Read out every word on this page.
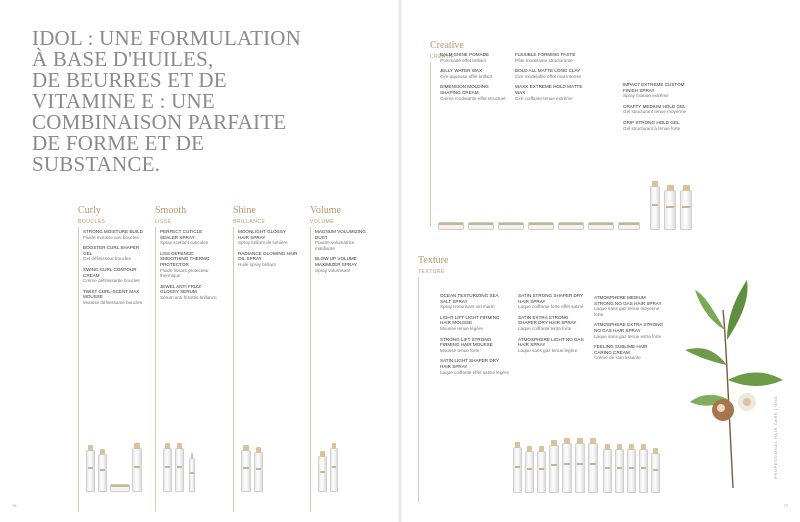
IDOL : UNE FORMULATION
À BASE D'HUILES,
DE BEURRES ET DE
VITAMINE E : UNE
COMBINAISON PARFAITE
DE FORME ET DE
SUBSTANCE.
Curly
BOUCLES
STRONG MOISTURE BUILD
Fluide mousse anti boucles
BOOSTER CURL SHAPER GEL
Gel définisseur boucles
SWING CURL CONTOUR CREAM
Crème définissante boucles
TWIST CURL-SCENT MAX MOUSSE
Mousse définissante boucles
Smooth
LISSE
PERFECT CUTICLE SEALER SPRAY
Spray scellant cuticules
LISS DEFENCE SMOOTHING THERMO PROTECTOR
Fluide lissant protecteur thermique
JEWEL ANTI FRIZZ GLOSSY SERUM
Sérum anti-frisottis brillance
Shine
BRILLANCE
MOONLIGHT GLOSSY HAIR SPRAY
Spray brillant de lumière
RADIANCE GLOWING HAIR OIL SPRAY
Huile spray brillant
Volume
VOLUME
MAGNUM VOLUMIZING DUST
Poudre volumatrice matifiante
BLOW UP VOLUME MAXIMIZER SPRAY
Spray volumisant
Creative
CRÉATIF
BALM SHINE POMADE
Pommade effet brillant
JELLY WATER WAX
Cire aqueuse effet brillant
DIMENSION MOLDING SHAPING CREAM
Crème modelante effet structuré
FLEXIBLE FORMING PASTE
Pâte modelante structurante
BOLD ALL MATTE LONG CLAY
Cire modelable effet mat intense
WAXX EXTREME HOLD MATTE WAX
Cire coiffante tenue extrême
IMPACT EXTREME CUSTOM FINISH SPRAY
Spray fixation extrême
CRAFTY MEDIUM HOLD GEL
Gel structurant tenue moyenne
GRIP STRONG HOLD GEL
Gel structurant à tenue forte
Texture
TEXTURE
OCEAN TEXTURIZING SEA SALT SPRAY
Spray texturisant sel marin
LIGHT LIFT LIGHT FIRMING HAIR MOUSSE
Mousse tenue légère
STRONG LIFT STRONG FIRMING HAIR MOUSSE
Mousse tenue forte
SATIN LIGHT SHAPER DRY HAIR SPRAY
Laque coiffante effet satiné légère
SATIN STRONG SHAPER DRY HAIR SPRAY
Laque coiffante forte effet satiné
SATIN EXTRA STRONG SHAPER DRY HAIR SPRAY
Laque coiffante extra forte
ATMOSPHERE LIGHT NO GAS HAIR SPRAY
Laque sans gaz tenue légère
ATMOSPHERE MEDIUM STRONG NO GAS HAIR SPRAY
Laque sans gaz tenue moyenne forte
ATMOSPHERE EXTRA STRONG NO GAS HAIR SPRAY
Laque sans gaz tenue extra forte
FEELING SUBLIME HAIR CARING CREAM
Crème de soin lissante
76	77
PROFESSIONAL HAIR CARE | IDOL
